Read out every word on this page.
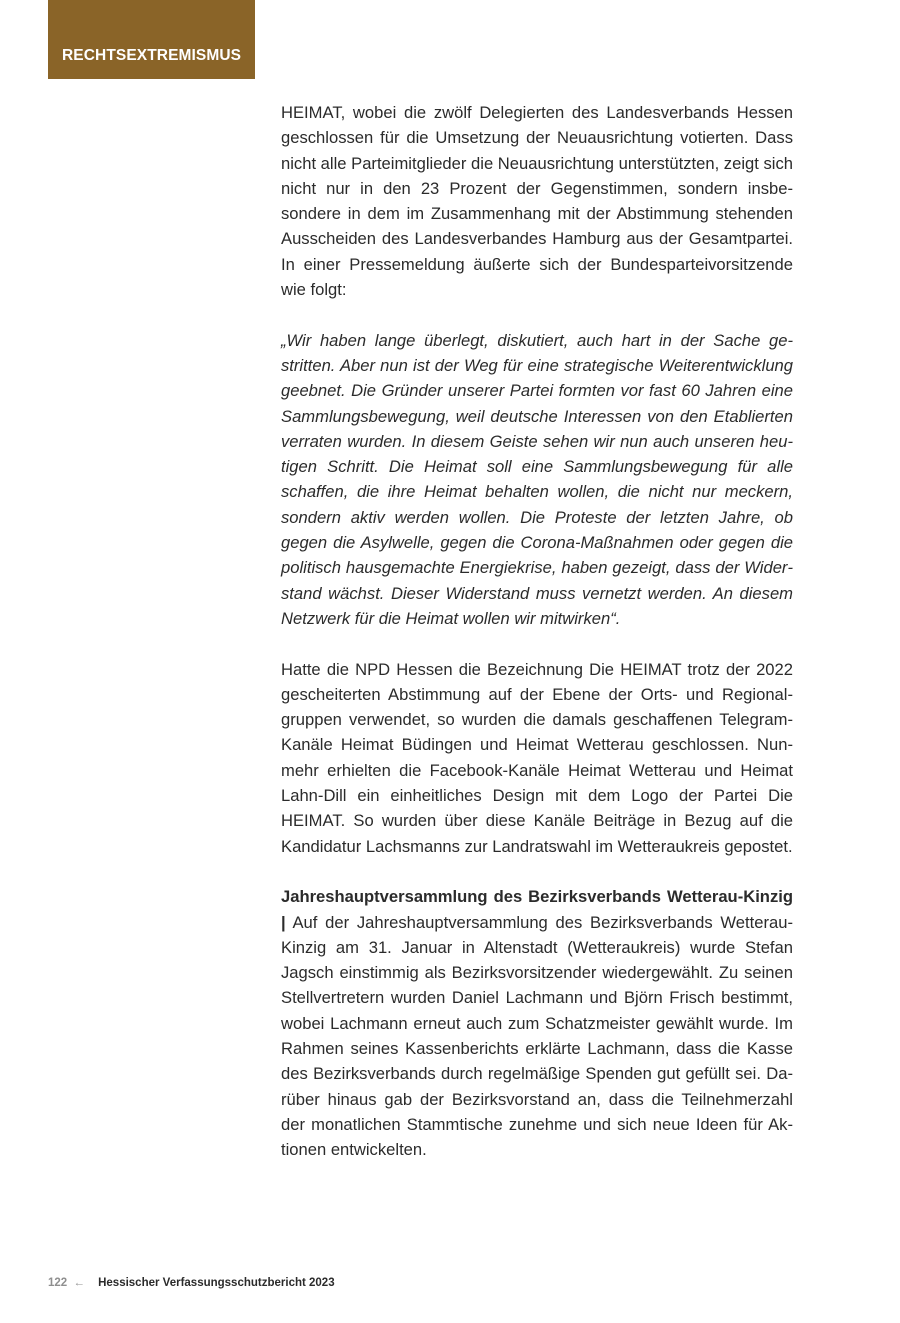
RECHTSEXTREMISMUS

HEIMAT, wobei die zwölf Delegierten des Landesverbands Hessen geschlossen für die Umsetzung der Neuausrichtung votierten. Dass nicht alle Parteimitglieder die Neuausrichtung unterstützten, zeigt sich nicht nur in den 23 Prozent der Gegenstimmen, sondern insbesondere in dem im Zusammenhang mit der Abstimmung stehenden Ausscheiden des Landesverbandes Hamburg aus der Gesamtpartei. In einer Pressemeldung äußerte sich der Bundesparteivorsitzende wie folgt:

„Wir haben lange überlegt, diskutiert, auch hart in der Sache gestritten. Aber nun ist der Weg für eine strategische Weiterentwicklung geebnet. Die Gründer unserer Partei formten vor fast 60 Jahren eine Sammlungsbewegung, weil deutsche Interessen von den Etablierten verraten wurden. In diesem Geiste sehen wir nun auch unseren heutigen Schritt. Die Heimat soll eine Sammlungsbewegung für alle schaffen, die ihre Heimat behalten wollen, die nicht nur meckern, sondern aktiv werden wollen. Die Proteste der letzten Jahre, ob gegen die Asylwelle, gegen die Corona-Maßnahmen oder gegen die politisch hausgemachte Energiekrise, haben gezeigt, dass der Widerstand wächst. Dieser Widerstand muss vernetzt werden. An diesem Netzwerk für die Heimat wollen wir mitwirken“.

Hatte die NPD Hessen die Bezeichnung Die HEIMAT trotz der 2022 gescheiterten Abstimmung auf der Ebene der Orts- und Regionalgruppen verwendet, so wurden die damals geschaffenen Telegram-Kanäle Heimat Büdingen und Heimat Wetterau geschlossen. Nunmehr erhielten die Facebook-Kanäle Heimat Wetterau und Heimat Lahn-Dill ein einheitliches Design mit dem Logo der Partei Die HEIMAT. So wurden über diese Kanäle Beiträge in Bezug auf die Kandidatur Lachsmanns zur Landratswahl im Wetteraukreis gepostet.

Jahreshauptversammlung des Bezirksverbands Wetterau-Kinzig | Auf der Jahreshauptversammlung des Bezirksverbands Wetterau-Kinzig am 31. Januar in Altenstadt (Wetteraukreis) wurde Stefan Jagsch einstimmig als Bezirksvorsitzender wiedergewählt. Zu seinen Stellvertretern wurden Daniel Lachmann und Björn Frisch bestimmt, wobei Lachmann erneut auch zum Schatzmeister gewählt wurde. Im Rahmen seines Kassenberichts erklärte Lachmann, dass die Kasse des Bezirksverbands durch regelmäßige Spenden gut gefüllt sei. Darüber hinaus gab der Bezirksvorstand an, dass die Teilnehmerzahl der monatlichen Stammtische zunehme und sich neue Ideen für Aktionen entwickelten.

122 ← Hessischer Verfassungsschutzbericht 2023
